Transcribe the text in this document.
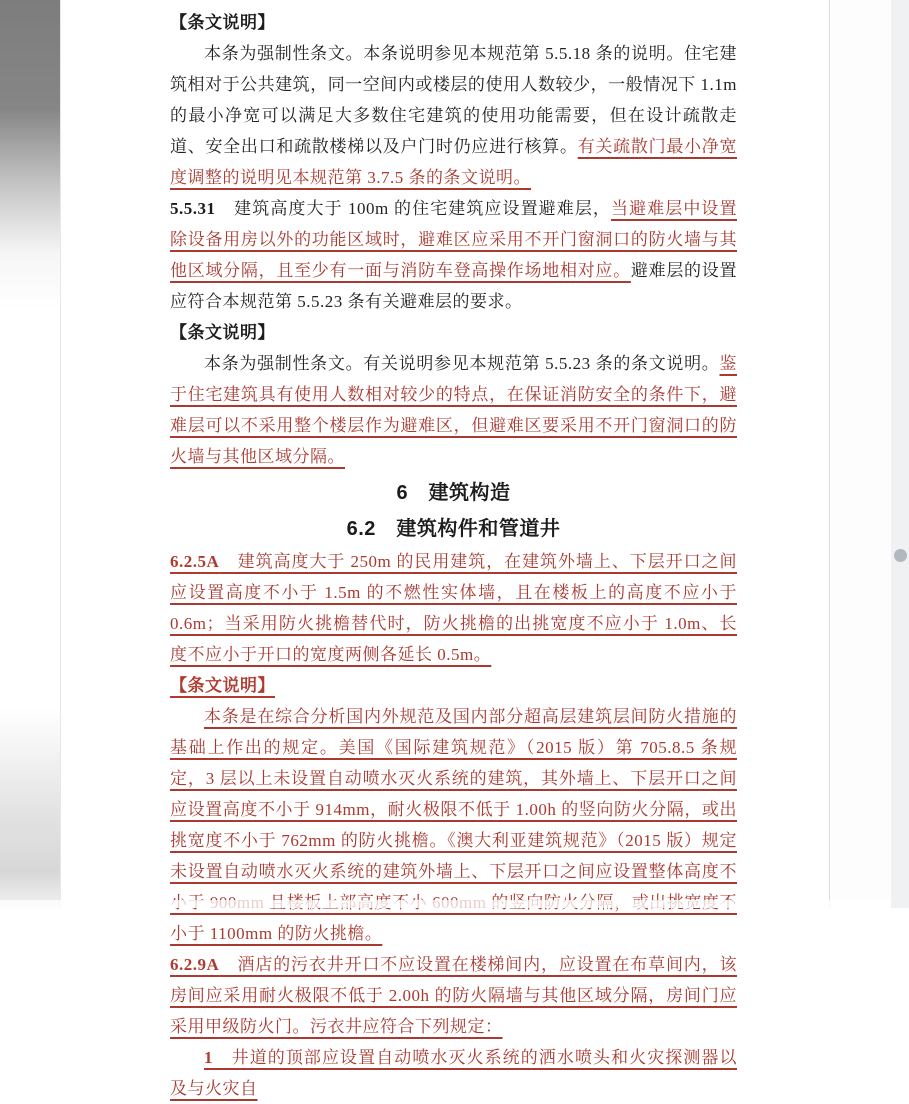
【条文说明】

本条为强制性条文。本条说明参见本规范第 5.5.18 条的说明。住宅建筑相对于公共建筑，同一空间内或楼层的使用人数较少，一般情况下 1.1m 的最小净宽可以满足大多数住宅建筑的使用功能需要，但在设计疏散走道、安全出口和疏散楼梯以及户门时仍应进行核算。有关疏散门最小净宽度调整的说明见本规范第 3.7.5 条的条文说明。

5.5.31　建筑高度大于 100m 的住宅建筑应设置避难层，当避难层中设置除设备用房以外的功能区域时，避难区应采用不开门窗洞口的防火墙与其他区域分隔，且至少有一面与消防车登高操作场地相对应。避难层的设置应符合本规范第 5.5.23 条有关避难层的要求。

【条文说明】

本条为强制性条文。有关说明参见本规范第 5.5.23 条的条文说明。鉴于住宅建筑具有使用人数相对较少的特点，在保证消防安全的条件下，避难层可以不采用整个楼层作为避难区，但避难区要采用不开门窗洞口的防火墙与其他区域分隔。

6　建筑构造

6.2　建筑构件和管道井

6.2.5A　建筑高度大于 250m 的民用建筑，在建筑外墙上、下层开口之间应设置高度不小于 1.5m 的不燃性实体墙，且在楼板上的高度不应小于 0.6m；当采用防火挑檐替代时，防火挑檐的出挑宽度不应小于 1.0m、长度不应小于开口的宽度两侧各延长 0.5m。

【条文说明】

本条是在综合分析国内外规范及国内部分超高层建筑层间防火措施的基础上作出的规定。美国《国际建筑规范》（2015 版）第 705.8.5 条规定，3 层以上未设置自动喷水灭火系统的建筑，其外墙上、下层开口之间应设置高度不小于 914mm，耐火极限不低于 1.00h 的竖向防火分隔，或出挑宽度不小于 762mm 的防火挑檐。《澳大利亚建筑规范》（2015 版）规定未设置自动喷水灭火系统的建筑外墙上、下层开口之间应设置整体高度不 小于 1100mm 的防火挑檐。

6.2.9A　酒店的污衣井开口不应设置在楼梯间内，应设置在布草间内，该房间应采用耐火极限不低于 2.00h 的防火隔墙与其他区域分隔，房间门应采用甲级防火门。污衣井应符合下列规定：

1　井道的顶部应设置自动喷水灭火系统的洒水喷头和火灾探测器以及与火灾自
